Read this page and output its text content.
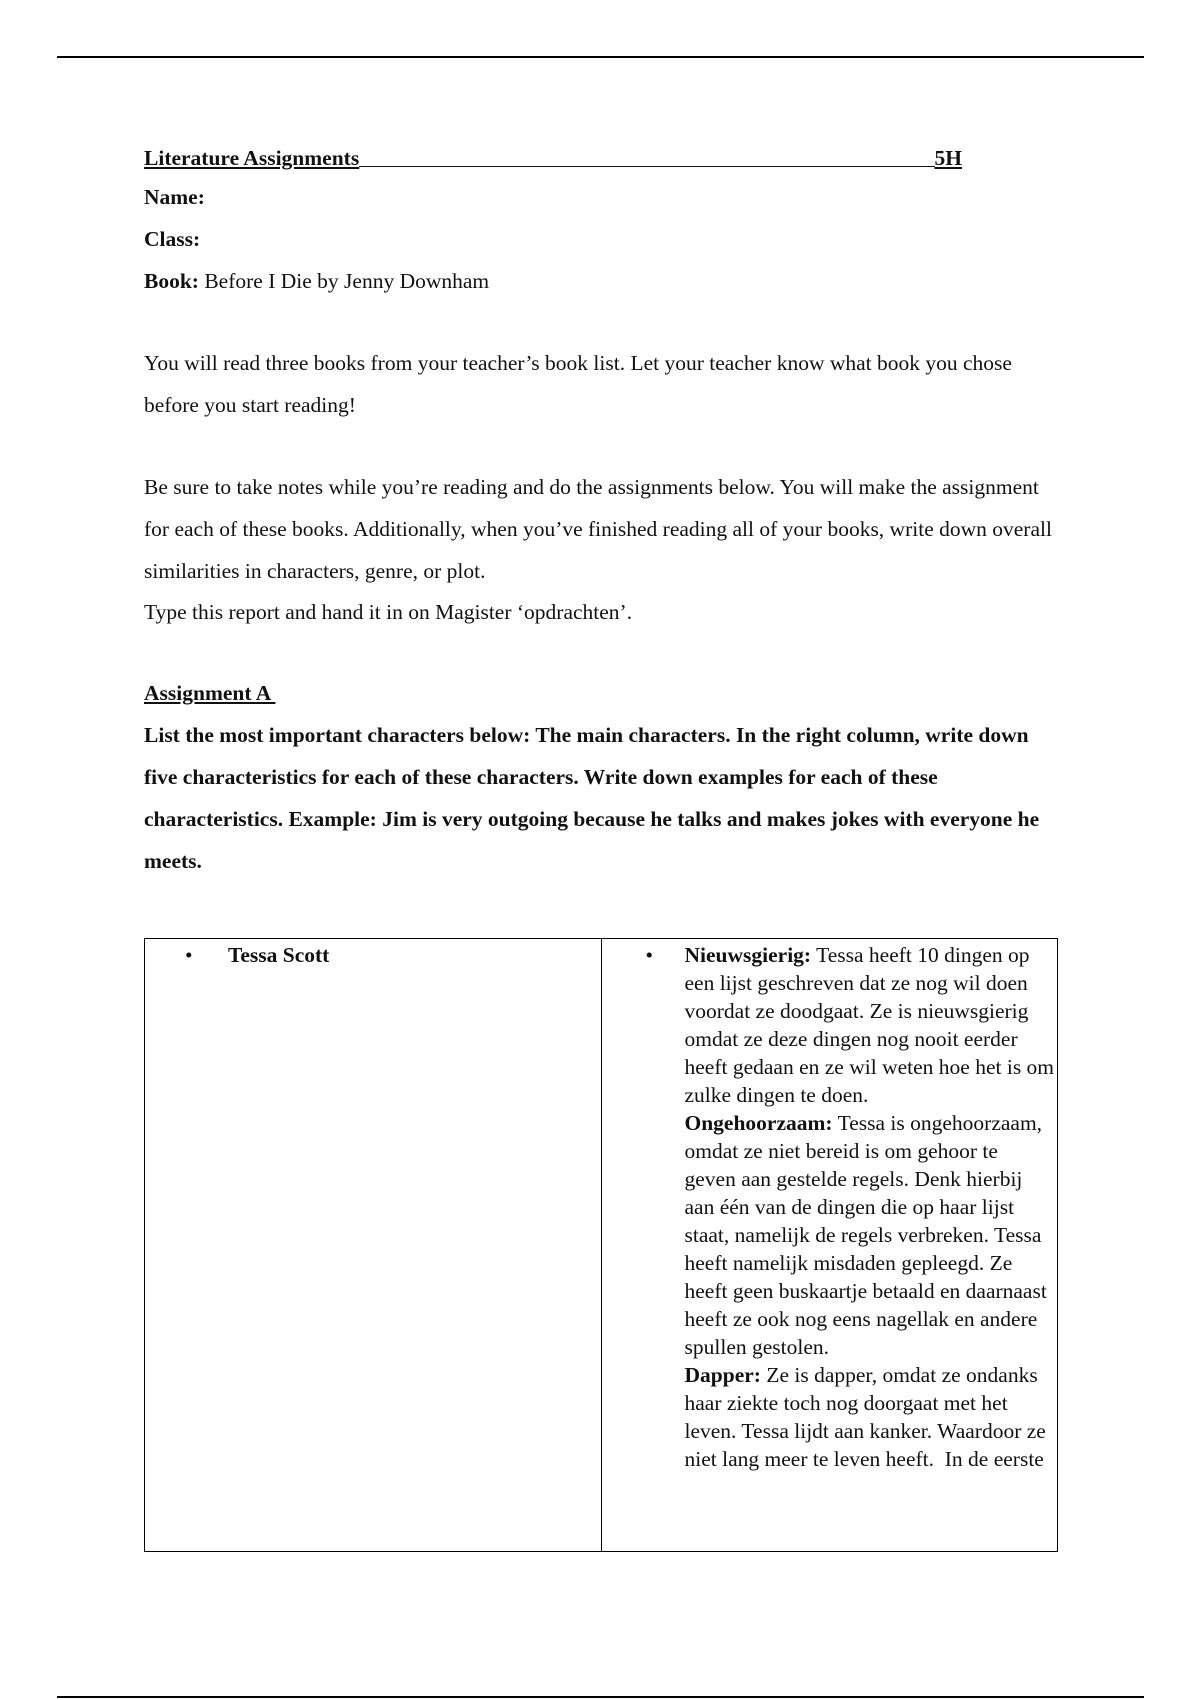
Literature Assignments	5H
Name:
Class:
Book: Before I Die by Jenny Downham

You will read three books from your teacher’s book list. Let your teacher know what book you chose before you start reading!

Be sure to take notes while you’re reading and do the assignments below. You will make the assignment for each of these books. Additionally, when you’ve finished reading all of your books, write down overall similarities in characters, genre, or plot.

Type this report and hand it in on Magister ‘opdrachten’.

Assignment A

List the most important characters below: The main characters. In the right column, write down five characteristics for each of these characters. Write down examples for each of these characteristics. Example: Jim is very outgoing because he talks and makes jokes with everyone he meets.

• Tessa Scott	• Nieuwsgierig: Tessa heeft 10 dingen op een lijst geschreven dat ze nog wil doen voordat ze doodgaat. Ze is nieuwsgierig omdat ze deze dingen nog nooit eerder heeft gedaan en ze wil weten hoe het is om zulke dingen te doen.

Ongehoorzaam: Tessa is ongehoorzaam, omdat ze niet bereid is om gehoor te geven aan gestelde regels. Denk hierbij aan één van de dingen die op haar lijst staat, namelijk de regels verbreken. Tessa heeft namelijk misdaden gepleegd. Ze heeft geen buskaartje betaald en daarnaast heeft ze ook nog eens nagellak en andere spullen gestolen.

Dapper: Ze is dapper, omdat ze ondanks haar ziekte toch nog doorgaat met het leven. Tessa lijdt aan kanker. Waardoor ze niet lang meer te leven heeft.  In de eerste
